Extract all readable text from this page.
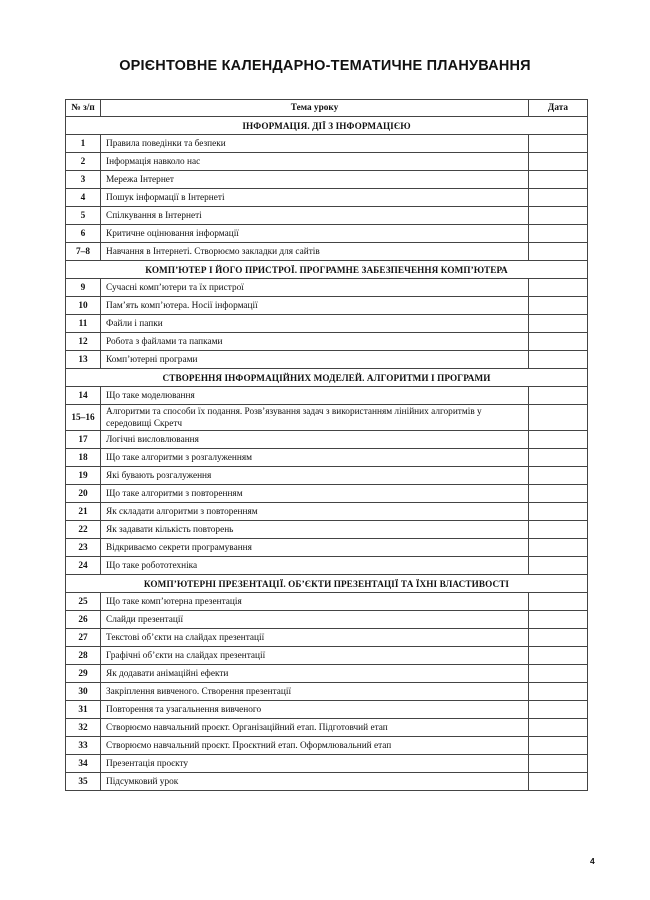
ОРІЄНТОВНЕ КАЛЕНДАРНО-ТЕМАТИЧНЕ ПЛАНУВАННЯ
№ з/п	Тема уроку	Дата
ІНФОРМАЦІЯ. ДІЇ З ІНФОРМАЦІЄЮ		
1	Правила поведінки та безпеки	
2	Інформація навколо нас	
3	Мережа Інтернет	
4	Пошук інформації в Інтернеті	
5	Спілкування в Інтернеті	
6	Критичне оцінювання інформації	
7–8	Навчання в Інтернеті. Створюємо закладки для сайтів	
КОМП’ЮТЕР І ЙОГО ПРИСТРОЇ. ПРОГРАМНЕ ЗАБЕЗПЕЧЕННЯ КОМП’ЮТЕРА		
9	Сучасні комп’ютери та їх пристрої	
10	Пам’ять комп’ютера. Носії інформації	
11	Файли і папки	
12	Робота з файлами та папками	
13	Комп’ютерні програми	
СТВОРЕННЯ ІНФОРМАЦІЙНИХ МОДЕЛЕЙ. АЛГОРИТМИ І ПРОГРАМИ		
14	Що таке моделювання	
15–16	Алгоритми та способи їх подання. Розв’язування задач з використанням лінійних алгоритмів у середовищі Скретч	
17	Логічні висловлювання	
18	Що таке алгоритми з розгалуженням	
19	Які бувають розгалуження	
20	Що таке алгоритми з повторенням	
21	Як складати алгоритми з повторенням	
22	Як задавати кількість повторень	
23	Відкриваємо секрети програмування	
24	Що таке робототехніка	
КОМП’ЮТЕРНІ ПРЕЗЕНТАЦІЇ. ОБ’ЄКТИ ПРЕЗЕНТАЦІЇ ТА ЇХНІ ВЛАСТИВОСТІ		
25	Що таке комп’ютерна презентація	
26	Слайди презентації	
27	Текстові об’єкти на слайдах презентації	
28	Графічні об’єкти на слайдах презентації	
29	Як додавати анімаційні ефекти	
30	Закріплення вивченого. Створення презентації	
31	Повторення та узагальнення вивченого	
32	Створюємо навчальний проєкт. Організаційний етап. Підготовчий етап	
33	Створюємо навчальний проєкт. Проєктний етап. Оформлювальний етап	
34	Презентація проєкту	
35	Підсумковий урок	
4
